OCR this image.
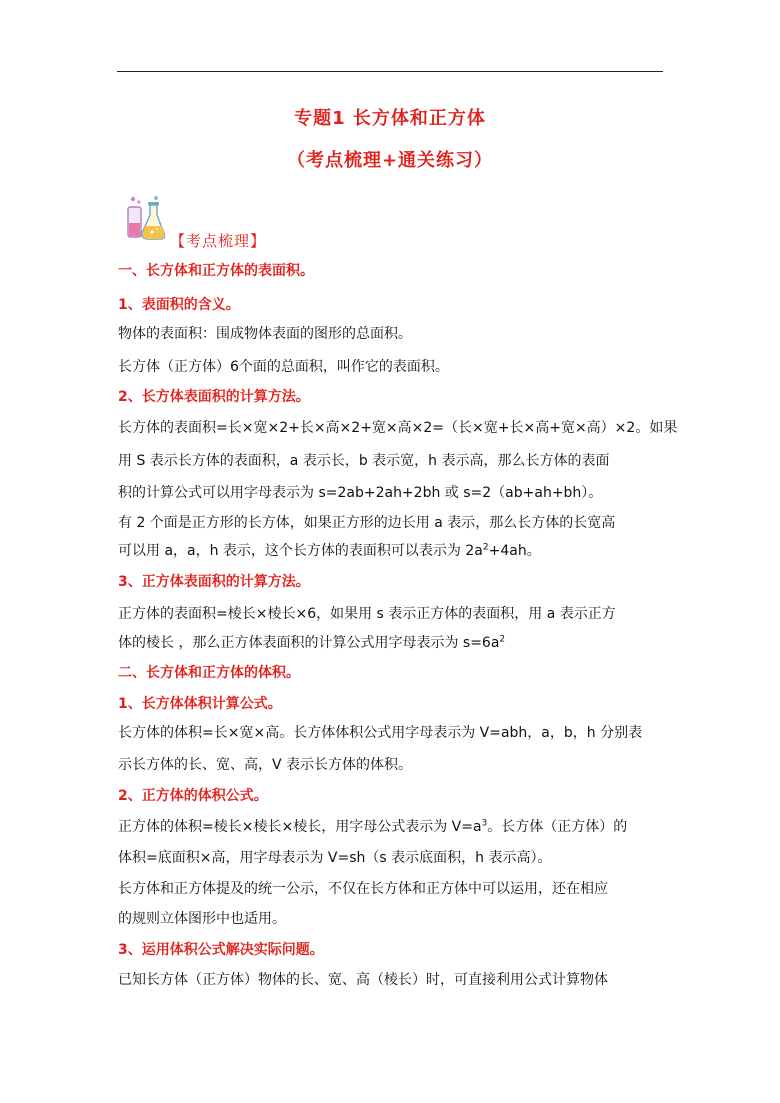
专题1 长方体和正方体
（考点梳理+通关练习）
【考点梳理】
一、长方体和正方体的表面积。
1、表面积的含义。
物体的表面积：围成物体表面的图形的总面积。
长方体（正方体）6个面的总面积，叫作它的表面积。
2、长方体表面积的计算方法。
长方体的表面积=长×宽×2+长×高×2+宽×高×2=（长×宽+长×高+宽×高）×2。如果
用 S 表示长方体的表面积，a 表示长，b 表示宽，h 表示高，那么长方体的表面
积的计算公式可以用字母表示为 s=2ab+2ah+2bh 或 s=2（ab+ah+bh）。
有 2 个面是正方形的长方体，如果正方形的边长用 a 表示，那么长方体的长宽高
可以用 a，a，h 表示，这个长方体的表面积可以表示为 $2a^2+4ah$。
3、正方体表面积的计算方法。
正方体的表面积=棱长×棱长×6，如果用 s 表示正方体的表面积，用 a 表示正方
体的棱长 ，那么正方体表面积的计算公式用字母表示为 $s=6a^2$
二、长方体和正方体的体积。
1、长方体体积计算公式。
长方体的体积=长×宽×高。长方体体积公式用字母表示为 V=abh，a，b，h 分别表
示长方体的长、宽、高，V 表示长方体的体积。
2、正方体的体积公式。
正方体的体积=棱长×棱长×棱长，用字母公式表示为 $V=a^3$。长方体（正方体）的
体积=底面积×高，用字母表示为 V=sh（s 表示底面积，h 表示高）。
长方体和正方体提及的统一公示，不仅在长方体和正方体中可以运用，还在相应
的规则立体图形中也适用。
3、运用体积公式解决实际问题。
已知长方体（正方体）物体的长、宽、高（棱长）时，可直接利用公式计算物体
